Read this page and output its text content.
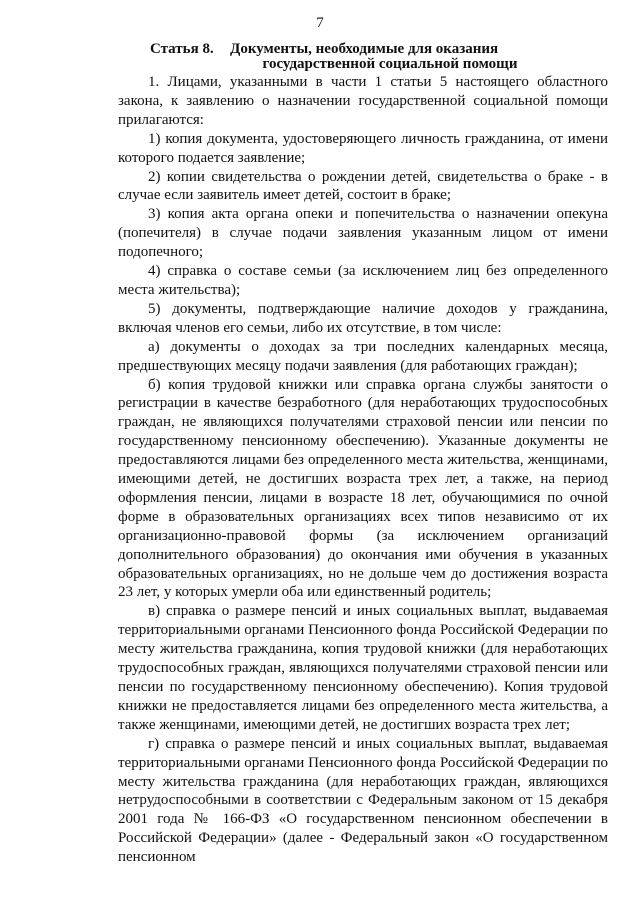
7
Статья 8.	Документы, необходимые для оказания
государственной социальной помощи

1. Лицами, указанными в части 1 статьи 5 настоящего областного закона, к заявлению о назначении государственной социальной помощи прилагаются:

1) копия документа, удостоверяющего личность гражданина, от имени которого подается заявление;

2) копии свидетельства о рождении детей, свидетельства о браке - в случае если заявитель имеет детей, состоит в браке;

3) копия акта органа опеки и попечительства о назначении опекуна (попечителя) в случае подачи заявления указанным лицом от имени подопечного;

4) справка о составе семьи (за исключением лиц без определенного места жительства);

5) документы, подтверждающие наличие доходов у гражданина, включая членов его семьи, либо их отсутствие, в том числе:

а) документы о доходах за три последних календарных месяца, предшествующих месяцу подачи заявления (для работающих граждан);

б) копия трудовой книжки или справка органа службы занятости о регистрации в качестве безработного (для неработающих трудоспособных граждан, не являющихся получателями страховой пенсии или пенсии по государственному пенсионному обеспечению). Указанные документы не предоставляются лицами без определенного места жительства, женщинами, имеющими детей, не достигших возраста трех лет, а также, на период оформления пенсии, лицами в возрасте 18 лет, обучающимися по очной форме в образовательных организациях всех типов независимо от их организационно-правовой формы (за исключением организаций дополнительного образования) до окончания ими обучения в указанных образовательных организациях, но не дольше чем до достижения возраста 23 лет, у которых умерли оба или единственный родитель;

в) справка о размере пенсий и иных социальных выплат, выдаваемая территориальными органами Пенсионного фонда Российской Федерации по месту жительства гражданина, копия трудовой книжки (для неработающих трудоспособных граждан, являющихся получателями страховой пенсии или пенсии по государственному пенсионному обеспечению). Копия трудовой книжки не предоставляется лицами без определенного места жительства, а также женщинами, имеющими детей, не достигших возраста трех лет;

г) справка о размере пенсий и иных социальных выплат, выдаваемая территориальными органами Пенсионного фонда Российской Федерации по месту жительства гражданина (для неработающих граждан, являющихся нетрудоспособными в соответствии с Федеральным законом от 15 декабря 2001 года № 166-ФЗ «О государственном пенсионном обеспечении в Российской Федерации» (далее - Федеральный закон «О государственном пенсионном
